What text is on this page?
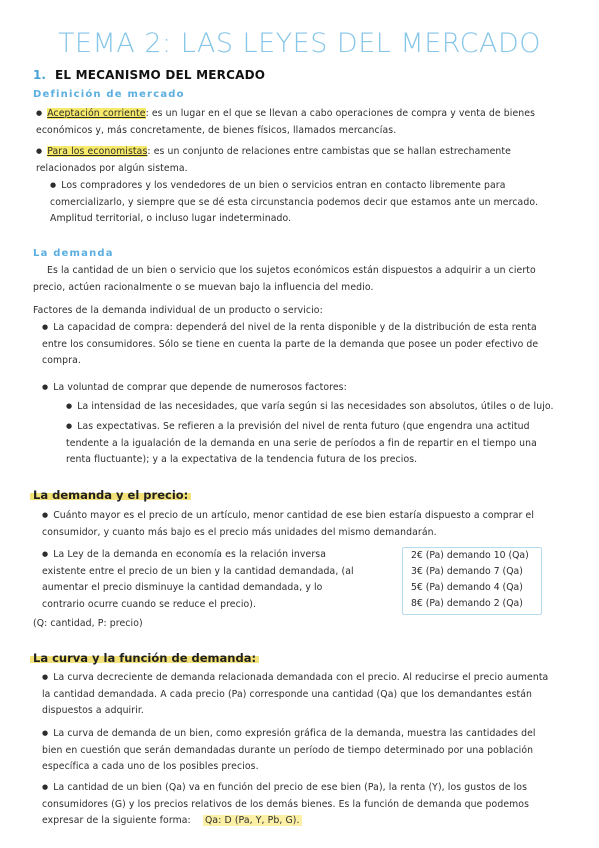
TEMA 2: LAS LEYES DEL MERCADO
1. EL MECANISMO DEL MERCADO
Definición de mercado
● Aceptación corriente: es un lugar en el que se llevan a cabo operaciones de compra y venta de bienes
económicos y, más concretamente, de bienes físicos, llamados mercancías.
● Para los economistas: es un conjunto de relaciones entre cambistas que se hallan estrechamente
relacionados por algún sistema.
● Los compradores y los vendedores de un bien o servicios entran en contacto libremente para
comercializarlo, y siempre que se dé esta circunstancia podemos decir que estamos ante un mercado.
Amplitud territorial, o incluso lugar indeterminado.
La demanda
Es la cantidad de un bien o servicio que los sujetos económicos están dispuestos a adquirir a un cierto
precio, actúen racionalmente o se muevan bajo la influencia del medio.
Factores de la demanda individual de un producto o servicio:
● La capacidad de compra: dependerá del nivel de la renta disponible y de la distribución de esta renta
entre los consumidores. Sólo se tiene en cuenta la parte de la demanda que posee un poder efectivo de
compra.
● La voluntad de comprar que depende de numerosos factores:
● La intensidad de las necesidades, que varía según si las necesidades son absolutos, útiles o de lujo.
● Las expectativas. Se refieren a la previsión del nivel de renta futuro (que engendra una actitud
tendente a la igualación de la demanda en una serie de períodos a fin de repartir en el tiempo una
renta fluctuante); y a la expectativa de la tendencia futura de los precios.
La demanda y el precio:
● Cuánto mayor es el precio de un artículo, menor cantidad de ese bien estaría dispuesto a comprar el
consumidor, y cuanto más bajo es el precio más unidades del mismo demandarán.
● La Ley de la demanda en economía es la relación inversa
existente entre el precio de un bien y la cantidad demandada, (al
aumentar el precio disminuye la cantidad demandada, y lo
contrario ocurre cuando se reduce el precio).
2€ (Pa) demando 10 (Qa)
3€ (Pa) demando 7 (Qa)
5€ (Pa) demando 4 (Qa)
8€ (Pa) demando 2 (Qa)
(Q: cantidad, P: precio)
La curva y la función de demanda:
● La curva decreciente de demanda relacionada demandada con el precio. Al reducirse el precio aumenta
la cantidad demandada. A cada precio (Pa) corresponde una cantidad (Qa) que los demandantes están
dispuestos a adquirir.
● La curva de demanda de un bien, como expresión gráfica de la demanda, muestra las cantidades del
bien en cuestión que serán demandadas durante un período de tiempo determinado por una población
específica a cada uno de los posibles precios.
● La cantidad de un bien (Qa) va en función del precio de ese bien (Pa), la renta (Y), los gustos de los
consumidores (G) y los precios relativos de los demás bienes. Es la función de demanda que podemos
expresar de la siguiente forma: Qa: D (Pa, Y, Pb, G).
